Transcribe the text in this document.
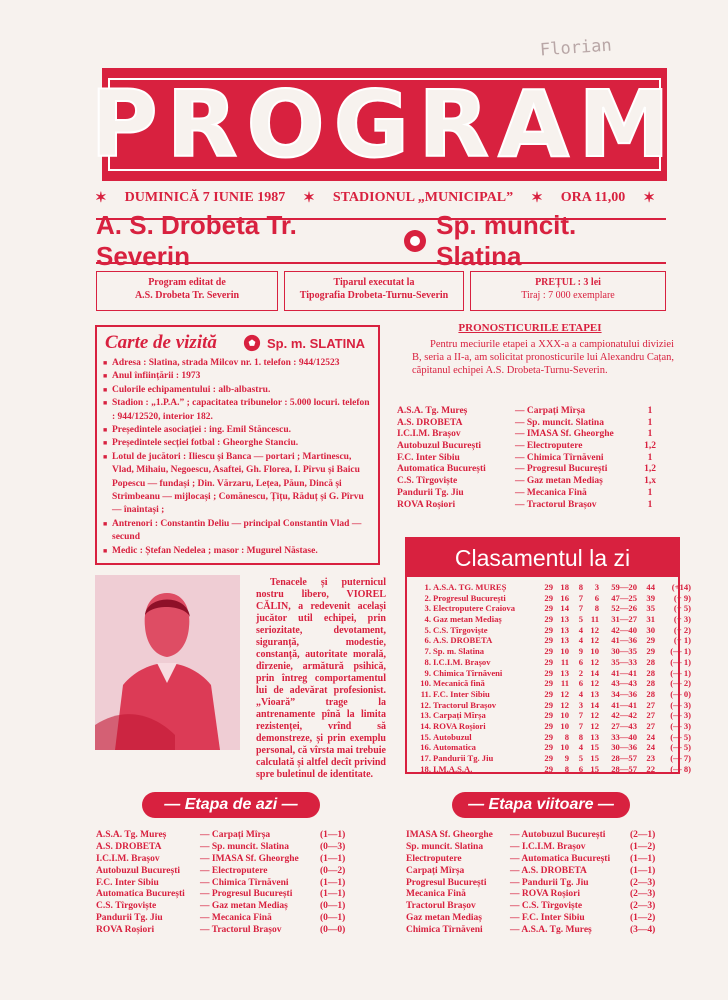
Florian
PROGRAM
✶ DUMINICĂ 7 IUNIE 1987 ✶ STADIONUL „MUNICIPAL” ✶ ORA 11,00 ✶
A. S. Drobeta Tr. Severin
Sp. muncit. Slatina
Program editat de
A.S. Drobeta Tr. Severin
Tiparul executat la
Tipografia Drobeta-Turnu-Severin
PREȚUL : 3 lei
Tiraj : 7 000 exemplare
Carte de vizită	Sp. m. SLATINA
■ Adresa : Slatina, strada Milcov nr. 1. telefon : 944/12523
■ Anul înființării : 1973
■ Culorile echipamentului : alb-albastru.
■ Stadion : „1.P.A.” ; capacitatea tribunelor : 5.000 locuri. telefon : 944/12520, interior 182.
■ Președintele asociației : ing. Emil Stăncescu.
■ Președintele secției fotbal : Gheorghe Stanciu.
■ Lotul de jucători : Iliescu și Banca — portari ; Martinescu, Vlad, Mihaiu, Negoescu, Asaftei, Gh. Florea, I. Pîrvu și Baicu Popescu — fundași ; Din. Vărzaru, Lețea, Păun, Dincă și Strîmbeanu — mijlocași ; Comănescu, Țițu, Răduț și G. Pîrvu — înaintași ;
■ Antrenori : Constantin Deliu — principal Constantin Vlad — secund
■ Medic : Ștefan Nedelea ; masor : Mugurel Năstase.
Tenacele și puternicul nostru libero, VIOREL CĂLIN, a redevenit același jucător util echipei, prin seriozitate, devotament, siguranță, modestie, constanță, autoritate morală, dîrzenie, armătură psihică, prin întreg comportamentul lui de adevărat profesionist. „Vioară” trage la antrenamente pînă la limita rezistenței, vrînd să demonstreze, și prin exemplu personal, că vîrsta mai trebuie calculată și altfel decît privind spre buletinul de identitate.
PRONOSTICURILE ETAPEI
Pentru meciurile etapei a XXX-a a campionatului diviziei B, seria a II-a, am solicitat pronosticurile lui Alexandru Cațan, căpitanul echipei A.S. Drobeta-Turnu-Severin.
A.S.A. Tg. Mureș	— Carpați Mîrșa	1
A.S. DROBETA	— Sp. muncit. Slatina	1
I.C.I.M. Brașov	— IMASA Sf. Gheorghe	1
Autobuzul București	— Electroputere	1,2
F.C. Inter Sibiu	— Chimica Tîrnăveni	1
Automatica București	— Progresul București	1,2
C.S. Tîrgoviște	— Gaz metan Mediaș	1,x
Pandurii Tg. Jiu	— Mecanica Fină	1
ROVA Roșiori	— Tractorul Brașov	1
Clasamentul la zi
1. A.S.A. TG. MUREȘ	29 18	8	3	59—20	44	(+14)
2. Progresul București	29 16	7	6	47—25	39	(+ 9)
3. Electroputere Craiova	29 14	7	8	52—26	35	(+ 5)
4. Gaz metan Mediaș	29 13	5 11	31—27	31	(+ 3)
5. C.S. Tîrgoviște	29 13	4 12	42—40	30	(+ 2)
6. A.S. DROBETA	29 13	4 12	41—36	29	(+ 1)
7. Sp. m. Slatina	29 10	9 10	30—35	29	(— 1)
8. I.C.I.M. Brașov	29 11	6 12	35—33	28	(— 1)
9. Chimica Tîrnăveni	29 13	2 14	41—41	28	(— 1)
10. Mecanică fină	29 11	6 12	43—43	28	(— 2)
11. F.C. Inter Sibiu	29 12	4 13	34—36	28	(— 0)
12. Tractorul Brașov	29 12	3 14	41—41	27	(— 3)
13. Carpați Mîrșa	29 10	7 12	42—42	27	(— 3)
14. ROVA Roșiori	29 10	7 12	27—43	27	(— 3)
15. Autobuzul	29	8	8 13	33—40	24	(— 5)
16. Automatica	29 10	4 15	30—36	24	(— 5)
17. Pandurii Tg. Jiu	29	9	5 15	28—57	23	(— 7)
18. I.M.A.S.A.	29	8	6 15	28—57	22	(— 8)
— Etapa de azi —	— Etapa viitoare —
A.S.A. Tg. Mureș	— Carpați Mîrșa	(1—1)
A.S. DROBETA	— Sp. muncit. Slatina	(0—3)
I.C.I.M. Brașov	— IMASA Sf. Gheorghe	(1—1)
Autobuzul București	— Electroputere	(0—2)
F.C. Inter Sibiu	— Chimica Tîrnăveni	(1—1)
Automatica București	— Progresul București	(1—1)
C.S. Tîrgoviște	— Gaz metan Mediaș	(0—1)
Pandurii Tg. Jiu	— Mecanica Fină	(0—1)
ROVA Roșiori	— Tractorul Brașov	(0—0)
IMASA Sf. Gheorghe	— Autobuzul București	(2—1)
Sp. muncit. Slatina	— I.C.I.M. Brașov	(1—2)
Electroputere	— Automatica București	(1—1)
Carpați Mîrșa	— A.S. DROBETA	(1—1)
Progresul București	— Pandurii Tg. Jiu	(2—3)
Mecanica Fină	— ROVA Roșiori	(2—3)
Tractorul Brașov	— C.S. Tîrgoviște	(2—3)
Gaz metan Mediaș	— F.C. Inter Sibiu	(1—2)
Chimica Tîrnăveni	— A.S.A. Tg. Mureș	(3—4)
